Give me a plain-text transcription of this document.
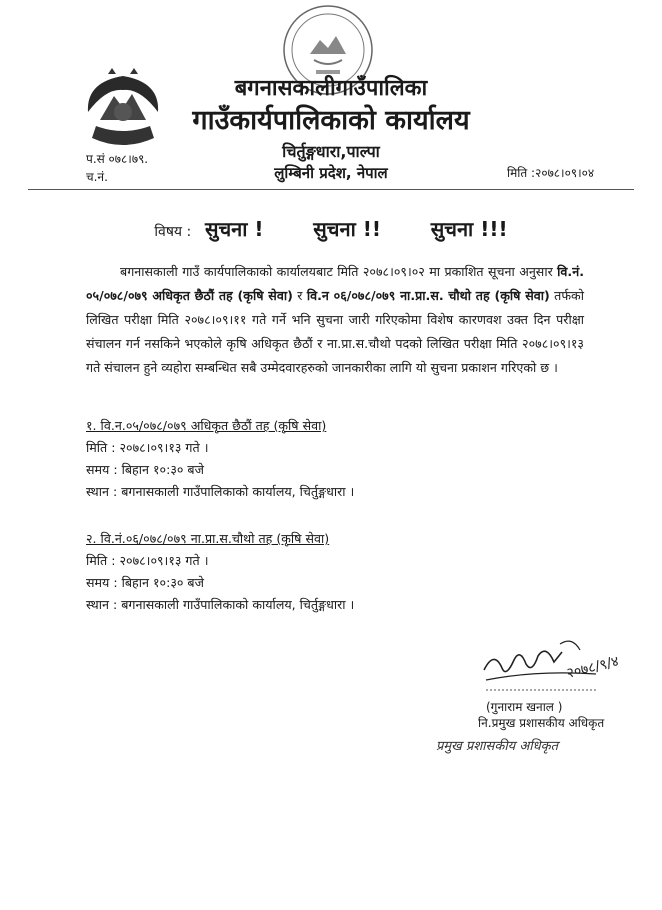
बगनासकालीगाउँपालिका
गाउँकार्यपालिकाको कार्यालय
चिर्तुङ्गधारा,पाल्पा
लुम्बिनी प्रदेश, नेपाल
प.सं ०७८।७९.
च.नं.	मिति :२०७८।०९।०४
विषय : सुचना ! सुचना !! सुचना !!!
बगनासकाली गाउँ कार्यपालिकाको कार्यालयबाट मिति २०७८।०९।०२ मा प्रकाशित सूचना अनुसार वि.नं. ०५/०७८/०७९ अधिकृत छैठौं तह (कृषि सेवा) र वि.न ०६/०७८/०७९ ना.प्रा.स. चौथो तह (कृषि सेवा) तर्फको लिखित परीक्षा मिति २०७८।०९।११ गते गर्ने भनि सुचना जारी गरिएकोमा विशेष कारणवश उक्त दिन परीक्षा संचालन गर्न नसकिने भएकोले कृषि अधिकृत छैठौं र ना.प्रा.स.चौथो पदको लिखित परीक्षा मिति २०७८।०९।१३ गते संचालन हुने व्यहोरा सम्बन्धित सबै उम्मेदवारहरुको जानकारीका लागि यो सुचना प्रकाशन गरिएको छ ।
१. वि.न.०५/०७८/०७९ अधिकृत छैठौं तह (कृषि सेवा)
मिति : २०७८।०९।१३ गते ।
समय : बिहान १०:३० बजे
स्थान : बगनासकाली गाउँपालिकाको कार्यालय, चिर्तुङ्गधारा ।
२. वि.नं.०६/०७८/०७९ ना.प्रा.स.चौथो तह (कृषि सेवा)
मिति : २०७८।०९।१३ गते ।
समय : बिहान १०:३० बजे
स्थान : बगनासकाली गाउँपालिकाको कार्यालय, चिर्तुङ्गधारा ।
२०७८/९/४
(गुनाराम खनाल )
नि.प्रमुख प्रशासकीय अधिकृत
प्रमुख प्रशासकीय अधिकृत
